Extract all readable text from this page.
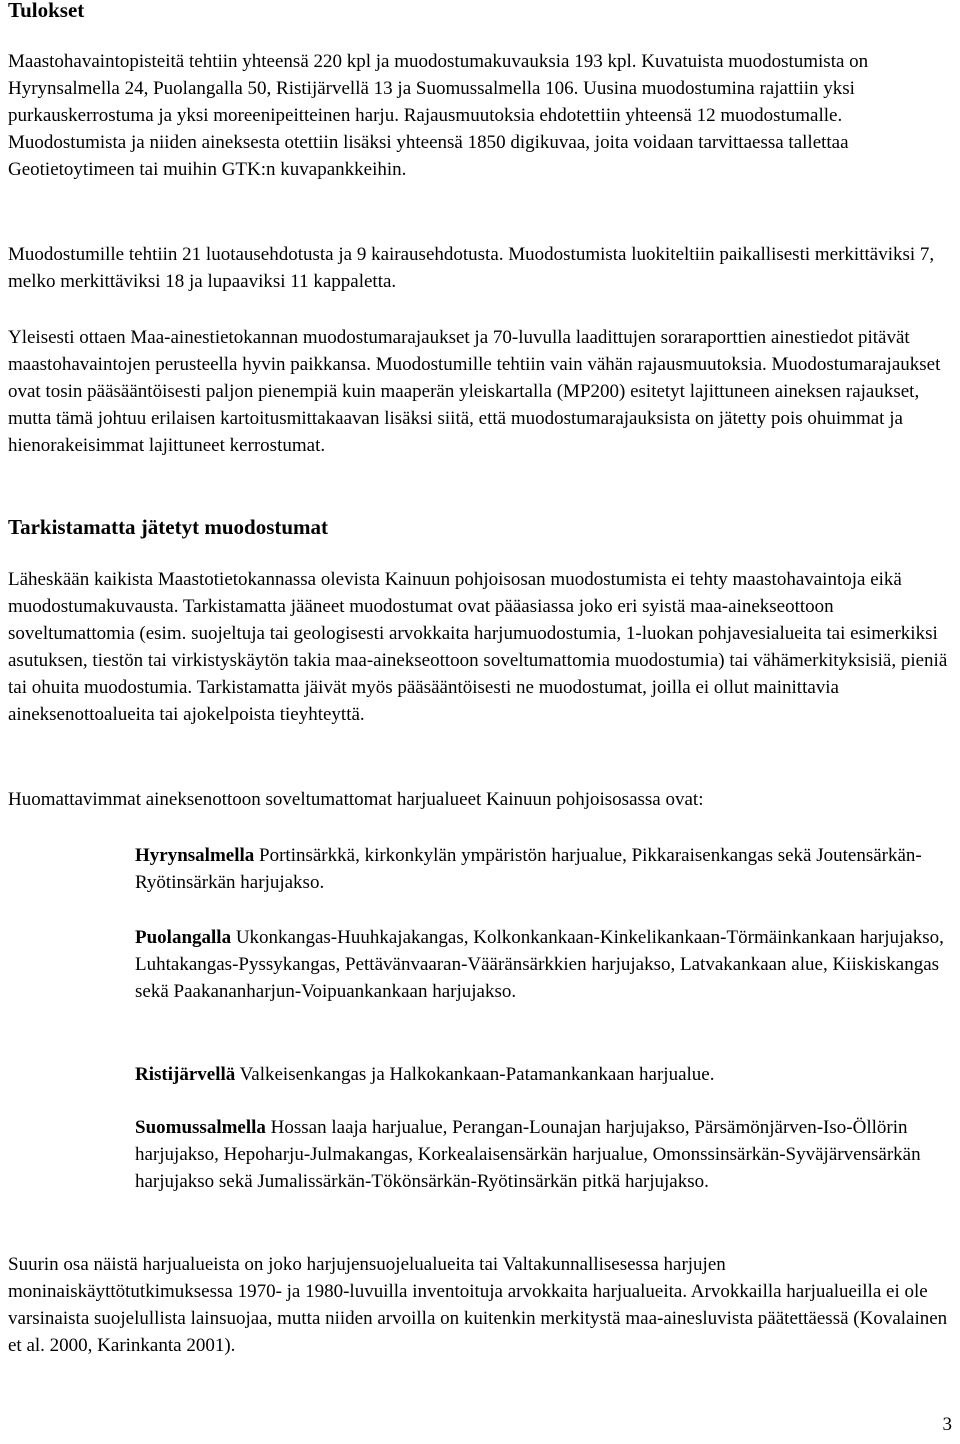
Tulokset

Maastohavaintopisteitä tehtiin yhteensä 220 kpl ja muodostumakuvauksia 193 kpl. Kuvatuista muodostumista on Hyrynsalmella 24, Puolangalla 50, Ristijärvellä 13 ja Suomussalmella 106. Uusina muodostumina rajattiin yksi purkauskerrostuma ja yksi moreenipeitteinen harju. Rajausmuutoksia ehdotettiin yhteensä 12 muodostumalle. Muodostumista ja niiden aineksesta otettiin lisäksi yhteensä 1850 digikuvaa, joita voidaan tarvittaessa tallettaa Geotietoytimeen tai muihin GTK:n kuvapankkeihin.

Muodostumille tehtiin 21 luotausehdotusta ja 9 kairausehdotusta. Muodostumista luokiteltiin paikallisesti merkittäviksi 7, melko merkittäviksi 18 ja lupaaviksi 11 kappaletta.

Yleisesti ottaen Maa-ainestietokannan muodostumarajaukset ja 70-luvulla laadittujen soraraporttien ainestiedot pitävät maastohavaintojen perusteella hyvin paikkansa. Muodostumille tehtiin vain vähän rajausmuutoksia. Muodostumarajaukset ovat tosin pääsääntöisesti paljon pienempiä kuin maaperän yleiskartalla (MP200) esitetyt lajittuneen aineksen rajaukset, mutta tämä johtuu erilaisen kartoitusmittakaavan lisäksi siitä, että muodostumarajauksista on jätetty pois ohuimmat ja hienorakeisimmat lajittuneet kerrostumat.

Tarkistamatta jätetyt muodostumat

Läheskään kaikista Maastotietokannassa olevista Kainuun pohjoisosan muodostumista ei tehty maastohavaintoja eikä muodostumakuvausta. Tarkistamatta jääneet muodostumat ovat pääasiassa joko eri syistä maa-ainekseottoon soveltumattomia (esim. suojeltuja tai geologisesti arvokkaita harjumuodostumia, 1-luokan pohjavesialueita tai esimerkiksi asutuksen, tiestön tai virkistyskäytön takia maa-ainekseottoon soveltumattomia muodostumia) tai vähämerkityksisiä, pieniä tai ohuita muodostumia. Tarkistamatta jäivät myös pääsääntöisesti ne muodostumat, joilla ei ollut mainittavia aineksenottoalueita tai ajokelpoista tieyhteyttä.

Huomattavimmat aineksenottoon soveltumattomat harjualueet Kainuun pohjoisosassa ovat:

Hyrynsalmella Portinsärkkä, kirkonkylän ympäristön harjualue, Pikkaraisenkangas sekä Joutensärkän-Ryötinsärkän harjujakso.

Puolangalla Ukonkangas-Huuhkajakangas, Kolkonkankaan-Kinkelikankaan-Törmäinkankaan harjujakso, Luhtakangas-Pyssykangas, Pettävänvaaran-Vääränsärkkien harjujakso, Latvakankaan alue, Kiiskiskangas sekä Paakananharjun-Voipuankankaan harjujakso.

Ristijärvellä Valkeisenkangas ja Halkokankaan-Patamankankaan harjualue.

Suomussalmella Hossan laaja harjualue, Perangan-Lounajan harjujakso, Pärsämönjärven-Iso-Öllörin harjujakso, Hepoharju-Julmakangas, Korkealaisensärkän harjualue, Omonssinsärkän-Syväjärvensärkän harjujakso sekä Jumalissärkän-Tökönsärkän-Ryötinsärkän pitkä harjujakso.

Suurin osa näistä harjualueista on joko harjujensuojelualueita tai Valtakunnallisesessa harjujen moninaiskäyttötutkimuksessa 1970- ja 1980-luvuilla inventoituja arvokkaita harjualueita. Arvokkailla harjualueilla ei ole varsinaista suojelullista lainsuojaa, mutta niiden arvoilla on kuitenkin merkitystä maa-ainesluvista päätettäessä (Kovalainen et al. 2000, Karinkanta 2001).

3
